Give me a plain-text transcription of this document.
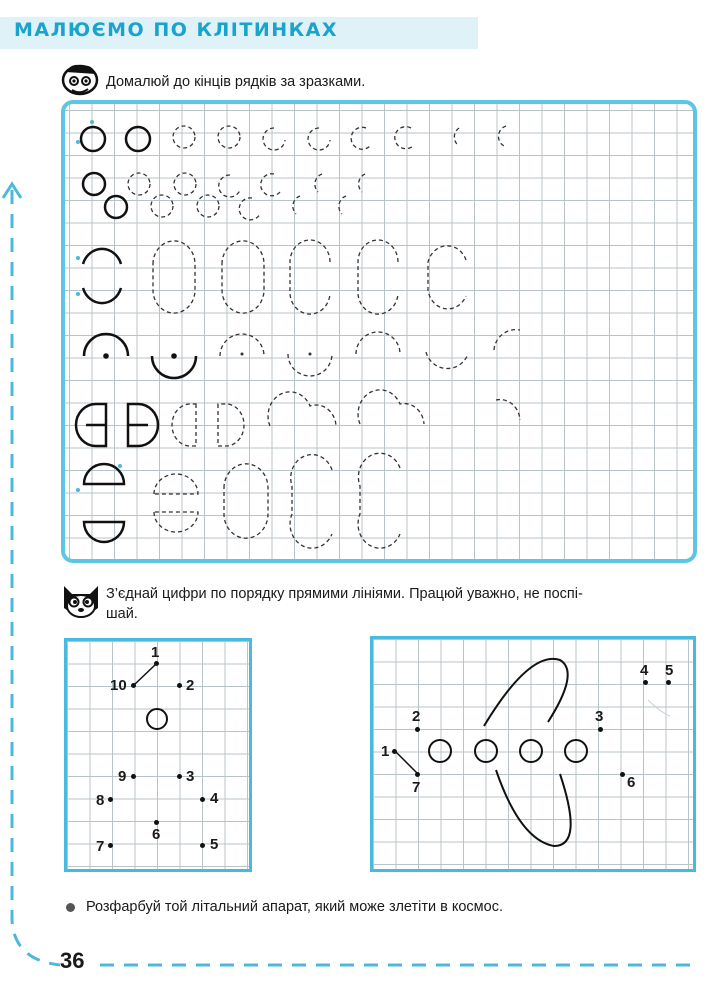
МАЛЮЄМО ПО КЛІТИНКАХ
Домалюй до кінців рядків за зразками.
З’єднай цифри по порядку прямими лініями. Працюй уважно, не поспі-
шай.
1
2
10
9	3
8	4
6
7	5
4 5
2	3
1
7	6
Розфарбуй той літальний апарат, який може злетіти в космос.
36
